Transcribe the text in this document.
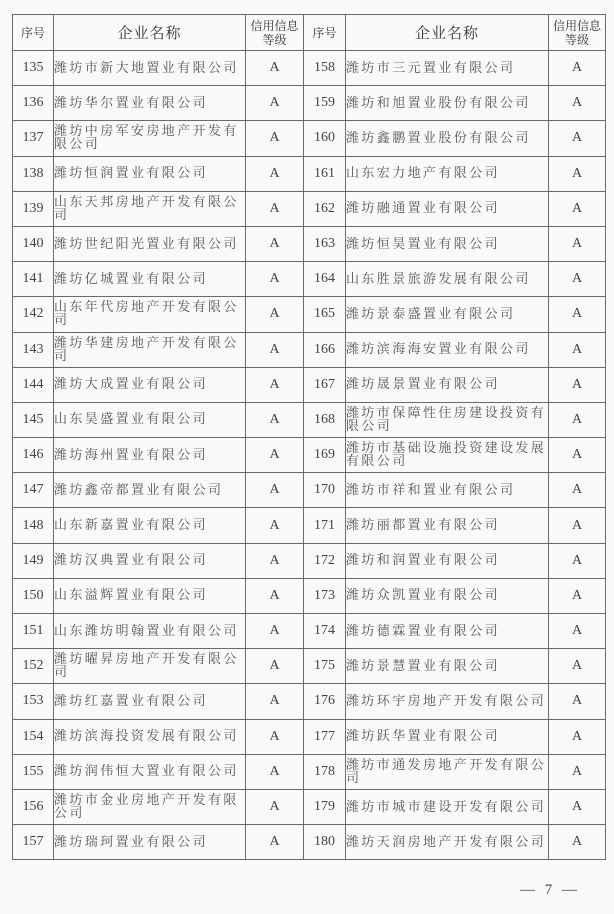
序号	企业名称	信用信息等级	序号	企业名称	信用信息等级
135	潍坊市新大地置业有限公司	A	158	潍坊市三元置业有限公司	A
136	潍坊华尔置业有限公司	A	159	潍坊和旭置业股份有限公司	A
137	潍坊中房军安房地产开发有限公司	A	160	潍坊鑫鹏置业股份有限公司	A
138	潍坊恒润置业有限公司	A	161	山东宏力地产有限公司	A
139	山东天邦房地产开发有限公司	A	162	潍坊融通置业有限公司	A
140	潍坊世纪阳光置业有限公司	A	163	潍坊恒昊置业有限公司	A
141	潍坊亿城置业有限公司	A	164	山东胜景旅游发展有限公司	A
142	山东年代房地产开发有限公司	A	165	潍坊景泰盛置业有限公司	A
143	潍坊华建房地产开发有限公司	A	166	潍坊滨海海安置业有限公司	A
144	潍坊大成置业有限公司	A	167	潍坊晟景置业有限公司	A
145	山东昊盛置业有限公司	A	168	潍坊市保障性住房建设投资有限公司	A
146	潍坊海州置业有限公司	A	169	潍坊市基础设施投资建设发展有限公司	A
147	潍坊鑫帝都置业有限公司	A	170	潍坊市祥和置业有限公司	A
148	山东新嘉置业有限公司	A	171	潍坊丽都置业有限公司	A
149	潍坊汉典置业有限公司	A	172	潍坊和润置业有限公司	A
150	山东溢辉置业有限公司	A	173	潍坊众凯置业有限公司	A
151	山东潍坊明翰置业有限公司	A	174	潍坊德霖置业有限公司	A
152	潍坊曜昇房地产开发有限公司	A	175	潍坊景慧置业有限公司	A
153	潍坊红嘉置业有限公司	A	176	潍坊环宇房地产开发有限公司	A
154	潍坊滨海投资发展有限公司	A	177	潍坊跃华置业有限公司	A
155	潍坊润伟恒大置业有限公司	A	178	潍坊市通发房地产开发有限公司	A
156	潍坊市金业房地产开发有限公司	A	179	潍坊市城市建设开发有限公司	A
157	潍坊瑞珂置业有限公司	A	180	潍坊天润房地产开发有限公司	A
— 7 —
